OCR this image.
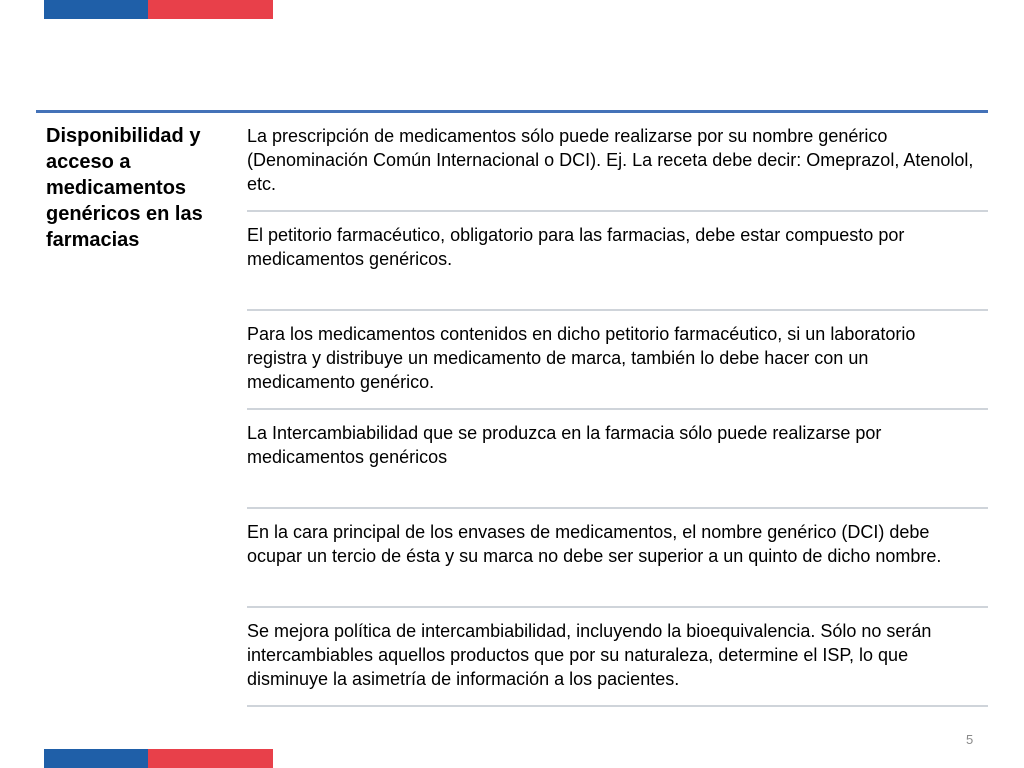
Disponibilidad y acceso a medicamentos genéricos en las farmacias
La prescripción de medicamentos sólo puede realizarse por su nombre genérico (Denominación Común Internacional o DCI). Ej. La receta debe decir: Omeprazol, Atenolol, etc.
El petitorio farmacéutico, obligatorio para las farmacias, debe estar compuesto por medicamentos genéricos.
Para los medicamentos contenidos en dicho petitorio farmacéutico, si un laboratorio registra y distribuye un medicamento de marca, también lo debe hacer con un medicamento genérico.
La Intercambiabilidad que se produzca en la farmacia sólo puede realizarse por medicamentos genéricos
En la cara principal de los envases de medicamentos, el nombre genérico (DCI) debe ocupar un tercio de ésta y su marca no debe ser superior a un quinto de dicho nombre.
Se mejora política de intercambiabilidad, incluyendo la bioequivalencia. Sólo no serán intercambiables aquellos productos que por su naturaleza, determine el ISP, lo que disminuye la asimetría de información a los pacientes.
5
